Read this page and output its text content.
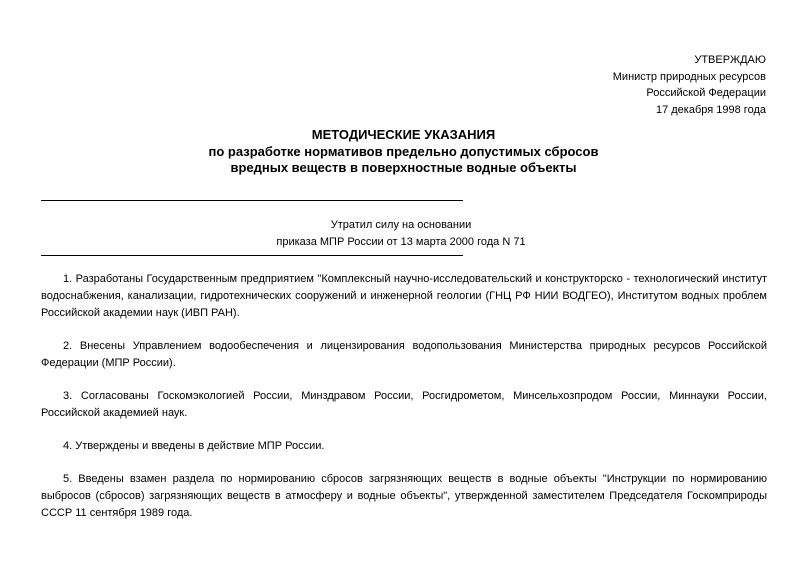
УТВЕРЖДАЮ
Министр природных ресурсов
Российской Федерации
17 декабря 1998 года
МЕТОДИЧЕСКИЕ УКАЗАНИЯ
по разработке нормативов предельно допустимых сбросов
вредных веществ в поверхностные водные объекты
Утратил силу на основании
приказа МПР России от 13 марта 2000 года N 71

1. Разработаны Государственным предприятием "Комплексный научно-исследовательский и конструкторско - технологический институт водоснабжения, канализации, гидротехнических сооружений и инженерной геологии (ГНЦ РФ НИИ ВОДГЕО), Институтом водных проблем Российской академии наук (ИВП РАН).

2. Внесены Управлением водообеспечения и лицензирования водопользования Министерства природных ресурсов Российской Федерации (МПР России).

3. Согласованы Госкомэкологией России, Минздравом России, Росгидрометом, Минсельхозпродом России, Миннауки России, Российской академией наук.

4. Утверждены и введены в действие МПР России.

5. Введены взамен раздела по нормированию сбросов загрязняющих веществ в водные объекты "Инструкции по нормированию выбросов (сбросов) загрязняющих веществ в атмосферу и водные объекты", утвержденной заместителем Председателя Госкомприроды СССР 11 сентября 1989 года.
